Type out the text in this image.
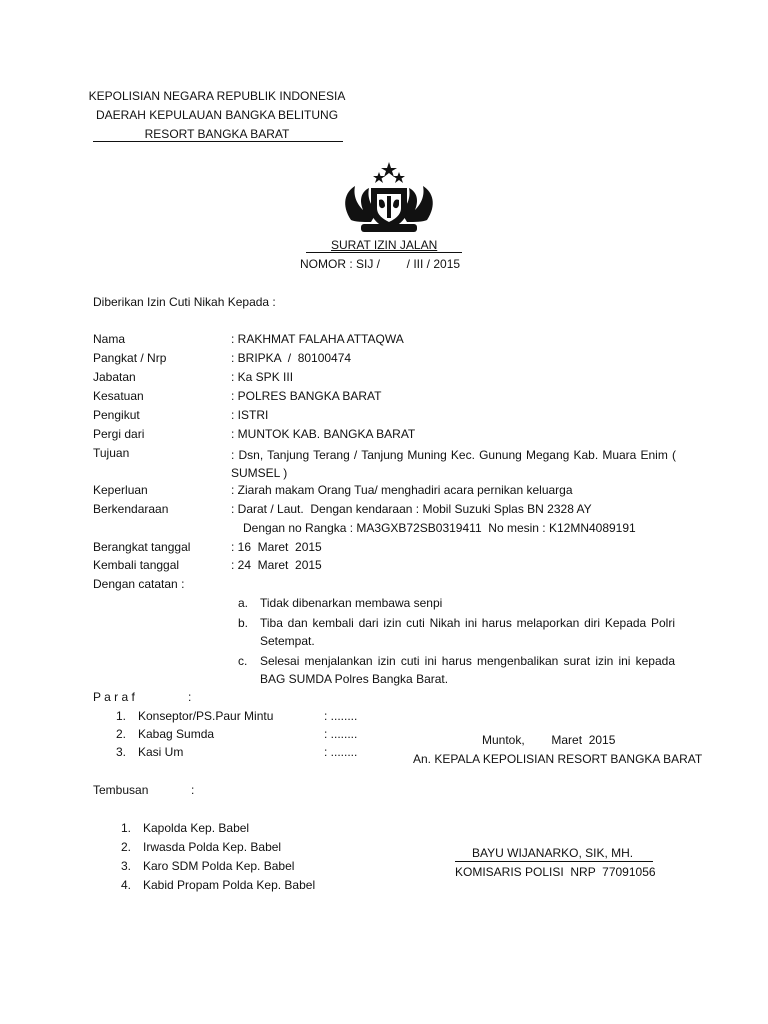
KEPOLISIAN NEGARA REPUBLIK INDONESIA
DAERAH KEPULAUAN BANGKA BELITUNG
RESORT BANGKA BARAT
SURAT IZIN JALAN
NOMOR : SIJ /        / III / 2015
Diberikan Izin Cuti Nikah Kepada :
Nama	: RAKHMAT FALAHA ATTAQWA
Pangkat / Nrp	: BRIPKA  /  80100474
Jabatan	: Ka SPK III
Kesatuan	: POLRES BANGKA BARAT
Pengikut	: ISTRI
Pergi dari	: MUNTOK KAB. BANGKA BARAT
Tujuan	: Dsn, Tanjung Terang / Tanjung Muning Kec. Gunung Megang Kab. Muara Enim ( SUMSEL )
Keperluan	: Ziarah makam Orang Tua/ menghadiri acara pernikan keluarga
Berkendaraan	: Darat / Laut.  Dengan kendaraan : Mobil Suzuki Splas BN 2328 AY
Dengan no Rangka : MA3GXB72SB0319411  No mesin : K12MN4089191
Berangkat tanggal	: 16  Maret  2015
Kembali tanggal	: 24  Maret  2015
Dengan catatan :
a. Tidak dibenarkan membawa senpi
b. Tiba dan kembali dari izin cuti Nikah ini harus melaporkan diri Kepada Polri Setempat.
c. Selesai menjalankan izin cuti ini harus mengenbalikan surat izin ini kepada BAG SUMDA Polres Bangka Barat.
P a r a f	:
1. Konseptor/PS.Paur Mintu	: ........
2. Kabag Sumda	: ........
3. Kasi Um	: ........
Muntok,        Maret  2015
An. KEPALA KEPOLISIAN RESORT BANGKA BARAT
BAYU WIJANARKO, SIK, MH.
KOMISARIS POLISI  NRP  77091056
Tembusan	:
1. Kapolda Kep. Babel
2. Irwasda Polda Kep. Babel
3. Karo SDM Polda Kep. Babel
4. Kabid Propam Polda Kep. Babel
